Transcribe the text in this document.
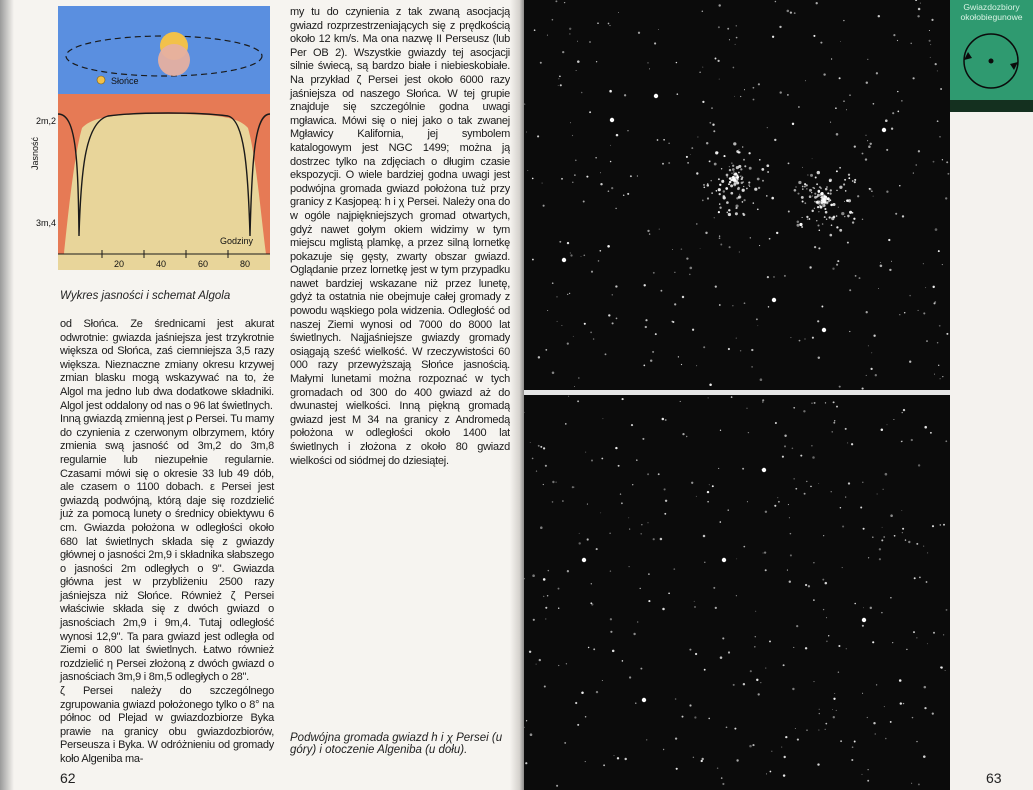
Słońce
Godziny
20	40	60	80
2m,2
3m,4
Jasność
Wykres jasności i schemat Algola

od Słońca. Ze średnicami jest akurat odwrotnie: gwiazda jaśniejsza jest trzykrotnie większa od Słońca, zaś ciemniejsza 3,5 razy większa. Nieznaczne zmiany okresu krzywej zmian blasku mogą wskazywać na to, że Algol ma jedno lub dwa dodatkowe składniki. Algol jest oddalony od nas o 96 lat świetlnych.

Inną gwiazdą zmienną jest ρ Persei. Tu mamy do czynienia z czerwonym olbrzymem, który zmienia swą jasność od 3m,2 do 3m,8 regularnie lub niezupełnie regularnie. Czasami mówi się o okresie 33 lub 49 dób, ale czasem o 1100 dobach. ε Persei jest gwiazdą podwójną, którą daje się rozdzielić już za pomocą lunety o średnicy obiektywu 6 cm. Gwiazda położona w odległości około 680 lat świetlnych składa się z gwiazdy głównej o jasności 2m,9 i składnika słabszego o jasności 2m odległych o 9". Gwiazda główna jest w przybliżeniu 2500 razy jaśniejsza niż Słońce. Również ζ Persei właściwie składa się z dwóch gwiazd o jasnościach 2m,9 i 9m,4. Tutaj odległość wynosi 12,9". Ta para gwiazd jest odległa od Ziemi o 800 lat świetlnych. Łatwo również rozdzielić η Persei złożoną z dwóch gwiazd o jasnościach 3m,9 i 8m,5 odległych o 28".

ζ Persei należy do szczególnego zgrupowania gwiazd położonego tylko o 8° na północ od Plejad w gwiazdozbiorze Byka prawie na granicy obu gwiazdozbiorów, Perseusza i Byka. W odróżnieniu od gromady koło Algeniba ma-

62

my tu do czynienia z tak zwaną asocjacją gwiazd rozprzestrzeniających się z prędkością około 12 km/s. Ma ona nazwę II Perseusz (lub Per OB 2). Wszystkie gwiazdy tej asocjacji silnie świecą, są bardzo białe i niebieskobiałe. Na przykład ζ Persei jest około 6000 razy jaśniejsza od naszego Słońca. W tej grupie znajduje się szczególnie godna uwagi mgławica. Mówi się o niej jako o tak zwanej Mgławicy Kalifornia, jej symbolem katalogowym jest NGC 1499; można ją dostrzec tylko na zdjęciach o długim czasie ekspozycji. O wiele bardziej godna uwagi jest podwójna gromada gwiazd położona tuż przy granicy z Kasjopeą: h i χ Persei. Należy ona do w ogóle najpiękniejszych gromad otwartych, gdyż nawet gołym okiem widzimy w tym miejscu mglistą plamkę, a przez silną lornetkę pokazuje się gęsty, zwarty obszar gwiazd. Oglądanie przez lornetkę jest w tym przypadku nawet bardziej wskazane niż przez lunetę, gdyż ta ostatnia nie obejmuje całej gromady z powodu wąskiego pola widzenia. Odległość od naszej Ziemi wynosi od 7000 do 8000 lat świetlnych. Najjaśniejsze gwiazdy gromady osiągają sześć wielkość. W rzeczywistości 60 000 razy przewyższają Słońce jasnością. Małymi lunetami można rozpoznać w tych gromadach od 300 do 400 gwiazd aż do dwunastej wielkości. Inną piękną gromadą gwiazd jest M 34 na granicy z Andromedą położona w odległości około 1400 lat świetlnych i złożona z około 80 gwiazd wielkości od siódmej do dziesiątej.

Podwójna gromada gwiazd h i χ Persei (u góry) i otoczenie Algeniba (u dołu).
Gwiazdozbiory okołobiegunowe
63
